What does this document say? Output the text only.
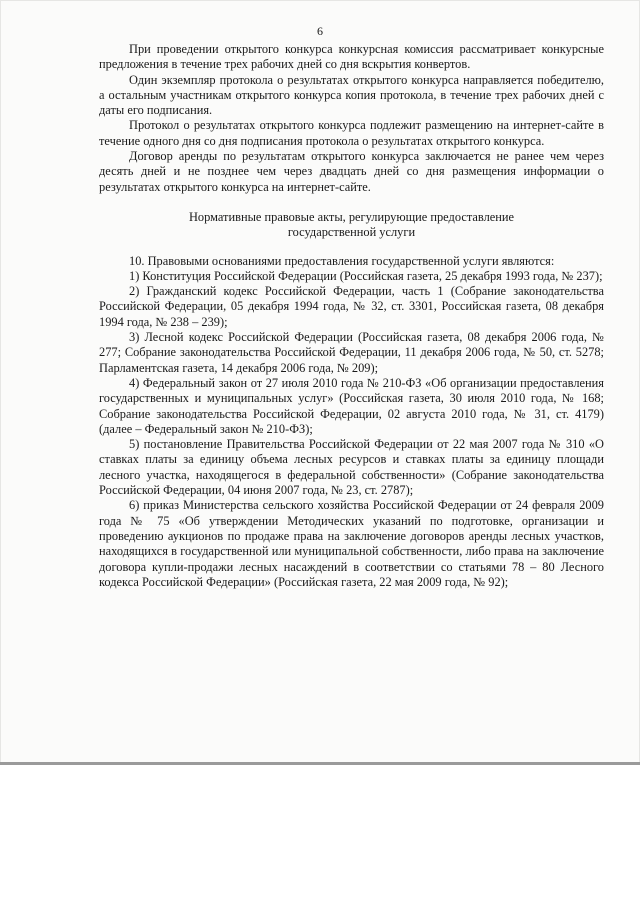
6

При проведении открытого конкурса конкурсная комиссия рассматривает конкурсные предложения в течение трех рабочих дней со дня вскрытия конвертов.

Один экземпляр протокола о результатах открытого конкурса направляется победителю, а остальным участникам открытого конкурса копия протокола, в течение трех рабочих дней с даты его подписания.

Протокол о результатах открытого конкурса подлежит размещению на интернет-сайте в течение одного дня со дня подписания протокола о результатах открытого конкурса.

Договор аренды по результатам открытого конкурса заключается не ранее чем через десять дней и не позднее чем через двадцать дней со дня размещения информации о результатах открытого конкурса на интернет-сайте.

Нормативные правовые акты, регулирующие предоставление
государственной услуги

10. Правовыми основаниями предоставления государственной услуги являются:

1) Конституция Российской Федерации (Российская газета, 25 декабря 1993 года, № 237);

2) Гражданский кодекс Российской Федерации, часть 1 (Собрание законодательства Российской Федерации, 05 декабря 1994 года, № 32, ст. 3301, Российская газета, 08 декабря 1994 года, № 238 – 239);

3) Лесной кодекс Российской Федерации (Российская газета, 08 декабря 2006 года, № 277; Собрание законодательства Российской Федерации, 11 декабря 2006 года, № 50, ст. 5278; Парламентская газета, 14 декабря 2006 года, № 209);

4) Федеральный закон от 27 июля 2010 года № 210-ФЗ «Об организации предоставления государственных и муниципальных услуг» (Российская газета, 30 июля 2010 года, № 168; Собрание законодательства Российской Федерации, 02 августа 2010 года, № 31, ст. 4179) (далее – Федеральный закон № 210-ФЗ);

5) постановление Правительства Российской Федерации от 22 мая 2007 года № 310 «О ставках платы за единицу объема лесных ресурсов и ставках платы за единицу площади лесного участка, находящегося в федеральной собственности» (Собрание законодательства Российской Федерации, 04 июня 2007 года, № 23, ст. 2787);

6) приказ Министерства сельского хозяйства Российской Федерации от 24 февраля 2009 года № 75 «Об утверждении Методических указаний по подготовке, организации и проведению аукционов по продаже права на заключение договоров аренды лесных участков, находящихся в государственной или муниципальной собственности, либо права на заключение договора купли-продажи лесных насаждений в соответствии со статьями 78 – 80 Лесного кодекса Российской Федерации» (Российская газета, 22 мая 2009 года, № 92);
